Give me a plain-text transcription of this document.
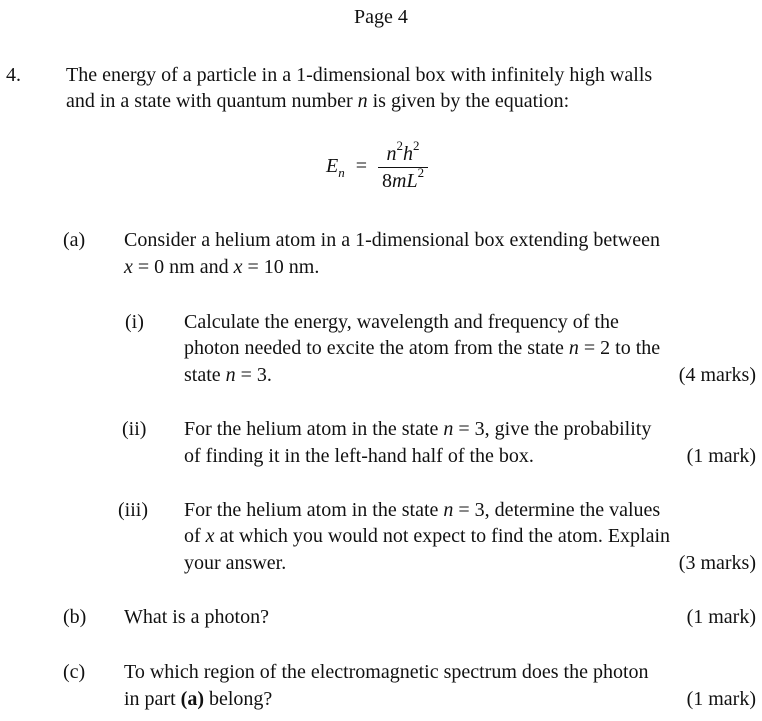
Page 4
4. The energy of a particle in a 1-dimensional box with infinitely high walls
and in a state with quantum number n is given by the equation:
$E_n = \frac{n^2h^2}{8mL^2}$
(a) Consider a helium atom in a 1-dimensional box extending between
x = 0 nm and x = 10 nm.
(i) Calculate the energy, wavelength and frequency of the
photon needed to excite the atom from the state n = 2 to the
state n = 3.	(4 marks)
(ii) For the helium atom in the state n = 3, give the probability
of finding it in the left-hand half of the box.	(1 mark)
(iii) For the helium atom in the state n = 3, determine the values
of x at which you would not expect to find the atom. Explain
your answer.	(3 marks)
(b) What is a photon?	(1 mark)
(c) To which region of the electromagnetic spectrum does the photon
in part (a) belong?	(1 mark)
